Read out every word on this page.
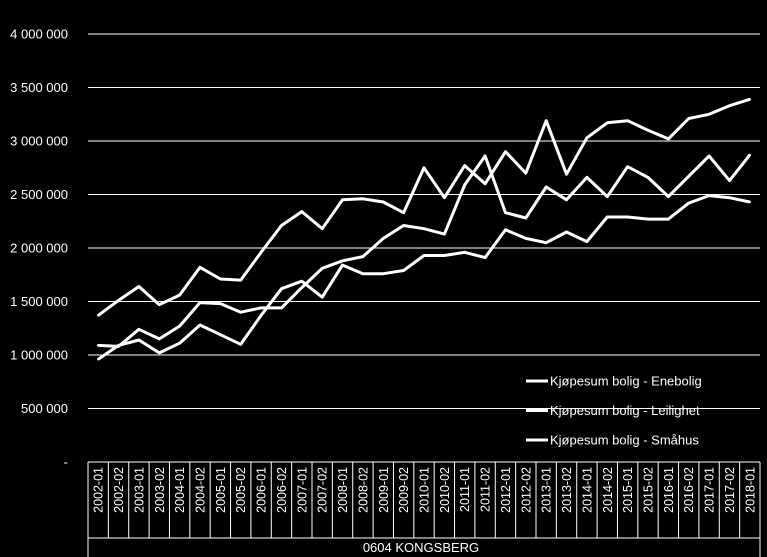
-
500 000
1 000 000
1 500 000
2 000 000
2 500 000
3 000 000
3 500 000
4 000 000
2002-01 2002-02 2003-01 2003-02 2004-01 2004-02 2005-01 2005-02 2006-01 2006-02 2007-01 2007-02 2008-01 2008-02 2009-01 2009-02 2010-01 2010-02 2011-01 2011-02 2012-01 2012-02 2013-01 2013-02 2014-01 2014-02 2015-01 2015-02 2016-01 2016-02 2017-01 2017-02 2018-01
Kjøpesum bolig - Enebolig
Kjøpesum bolig - Leilighet
Kjøpesum bolig - Småhus
0604 KONGSBERG
